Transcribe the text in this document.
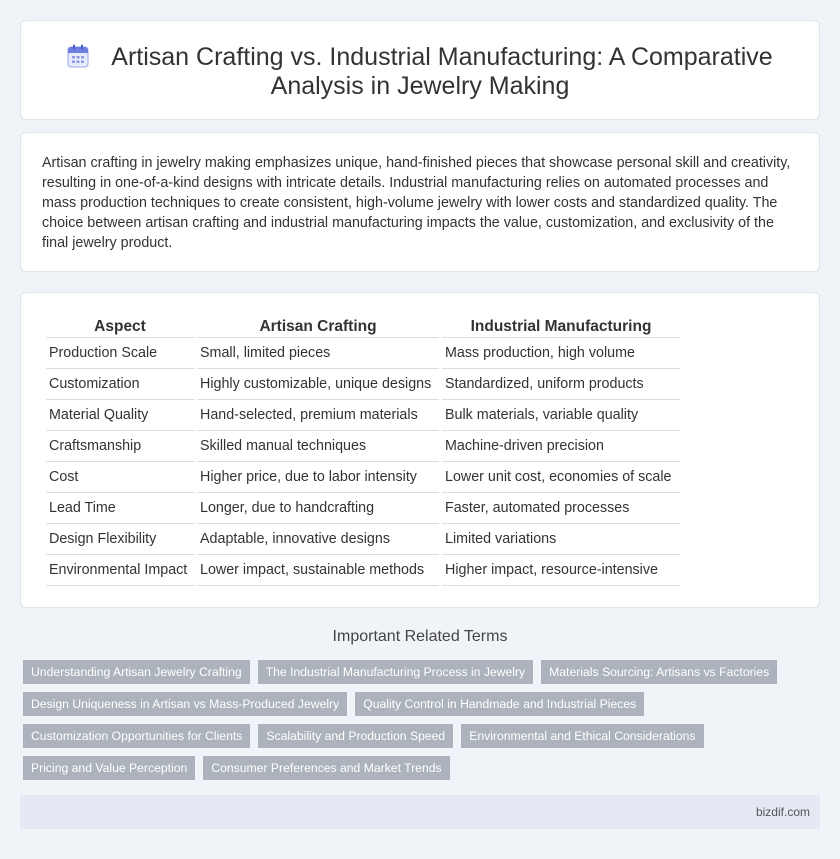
Artisan Crafting vs. Industrial Manufacturing: A Comparative Analysis in Jewelry Making

Artisan crafting in jewelry making emphasizes unique, hand-finished pieces that showcase personal skill and creativity, resulting in one-of-a-kind designs with intricate details. Industrial manufacturing relies on automated processes and mass production techniques to create consistent, high-volume jewelry with lower costs and standardized quality. The choice between artisan crafting and industrial manufacturing impacts the value, customization, and exclusivity of the final jewelry product.

Aspect	Artisan Crafting	Industrial Manufacturing
Production Scale	Small, limited pieces	Mass production, high volume
Customization	Highly customizable, unique designs	Standardized, uniform products
Material Quality	Hand-selected, premium materials	Bulk materials, variable quality
Craftsmanship	Skilled manual techniques	Machine-driven precision
Cost	Higher price, due to labor intensity	Lower unit cost, economies of scale
Lead Time	Longer, due to handcrafting	Faster, automated processes
Design Flexibility	Adaptable, innovative designs	Limited variations
Environmental Impact	Lower impact, sustainable methods	Higher impact, resource-intensive
Important Related Terms
Understanding Artisan Jewelry Crafting	The Industrial Manufacturing Process in Jewelry	Materials Sourcing: Artisans vs Factories
Design Uniqueness in Artisan vs Mass-Produced Jewelry	Quality Control in Handmade and Industrial Pieces
Customization Opportunities for Clients	Scalability and Production Speed	Environmental and Ethical Considerations
Pricing and Value Perception	Consumer Preferences and Market Trends
bizdif.com
